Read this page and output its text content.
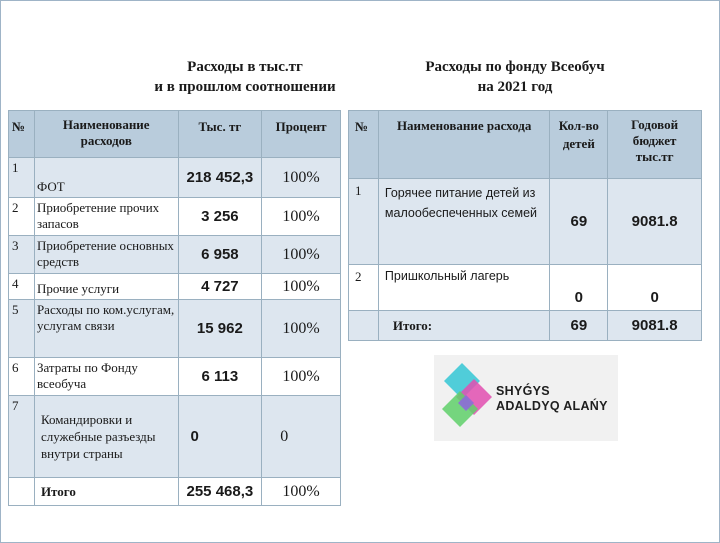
Расходы в тыс.тг
и в прошлом соотношении
Расходы по фонду Всеобуч
на 2021 год
№	Наименование расходов	Тыс. тг	Процент
1	ФОТ	218 452,3	100%
2	Приобретение прочих запасов	3 256	100%
3	Приобретение основных средств	6 958	100%
4	Прочие услуги	4 727	100%
5	Расходы по ком.услугам, услугам связи	15 962	100%
6	Затраты по Фонду всеобуча	6 113	100%
7	Командировки и служебные разъезды внутри страны	0	0
	Итого	255 468,3	100%
№	Наименование расхода	Кол-во детей	Годовой бюджет тыс.тг
1	Горячее питание детей из малообеспеченных семей	69	9081.8
2	Пришкольный лагерь	0	0
	Итого:	69	9081.8
SHYǴYS
ADALDYQ ALAŃY
